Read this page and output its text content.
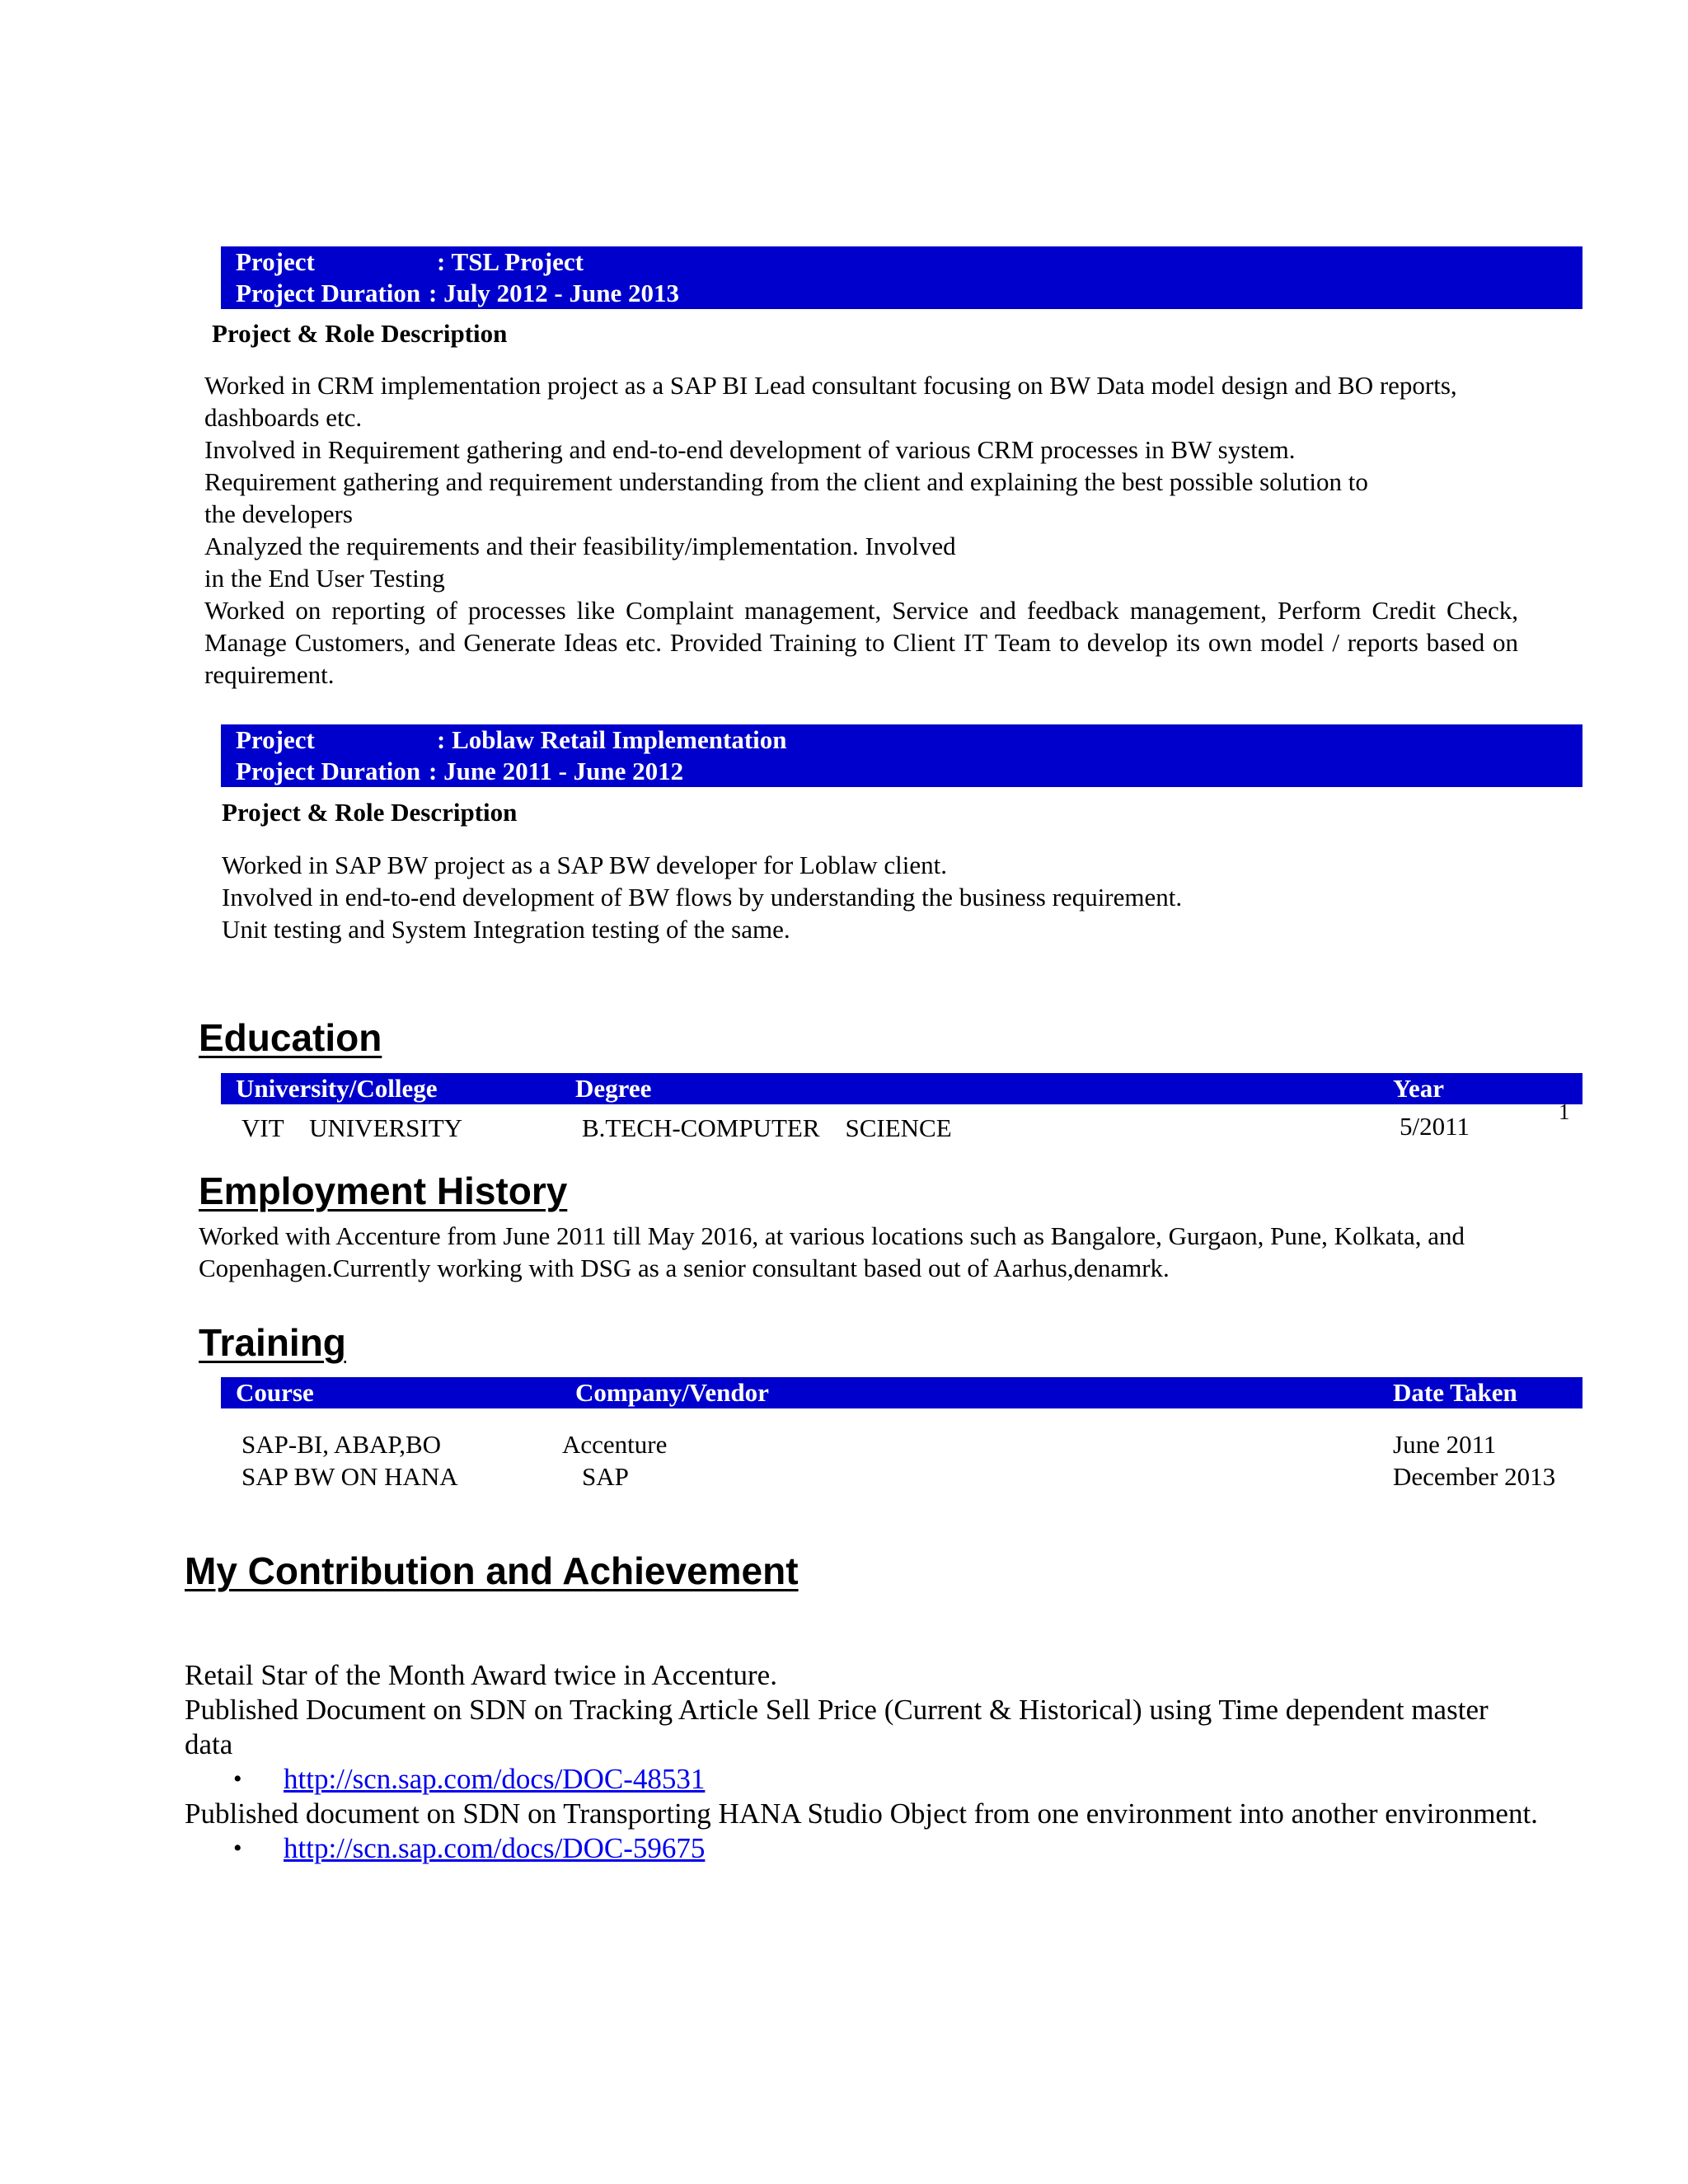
Project	: TSL Project
Project Duration : July 2012 - June 2013
Project & Role Description
Worked in CRM implementation project as a SAP BI Lead consultant focusing on BW Data model design and BO reports,
dashboards etc.
Involved in Requirement gathering and end-to-end development of various CRM processes in BW system.
Requirement gathering and requirement understanding from the client and explaining the best possible solution to
the developers
Analyzed the requirements and their feasibility/implementation. Involved
in the End User Testing
Worked on reporting of processes like Complaint management, Service and feedback management, Perform Credit Check, Manage Customers, and Generate Ideas etc. Provided Training to Client IT Team to develop its own model / reports based on requirement.
Project	: Loblaw Retail Implementation
Project Duration : June 2011 - June 2012
Project & Role Description
Worked in SAP BW project as a SAP BW developer for Loblaw client.
Involved in end-to-end development of BW flows by understanding the business requirement.
Unit testing and System Integration testing of the same.
Education
University/College	Degree	Year
VIT    UNIVERSITY	B.TECH-COMPUTER    SCIENCE	5/2011	1
Employment History
Worked with Accenture from June 2011 till May 2016, at various locations such as Bangalore, Gurgaon, Pune, Kolkata, and
Copenhagen.Currently working with DSG as a senior consultant based out of Aarhus,denamrk.
Training
Course	Company/Vendor	Date Taken
SAP-BI, ABAP,BO	Accenture	June 2011
SAP BW ON HANA	SAP	December 2013
My Contribution and Achievement
Retail Star of the Month Award twice in Accenture.
Published Document on SDN on Tracking Article Sell Price (Current & Historical) using Time dependent master
data
• http://scn.sap.com/docs/DOC-48531
Published document on SDN on Transporting HANA Studio Object from one environment into another environment.
• http://scn.sap.com/docs/DOC-59675
